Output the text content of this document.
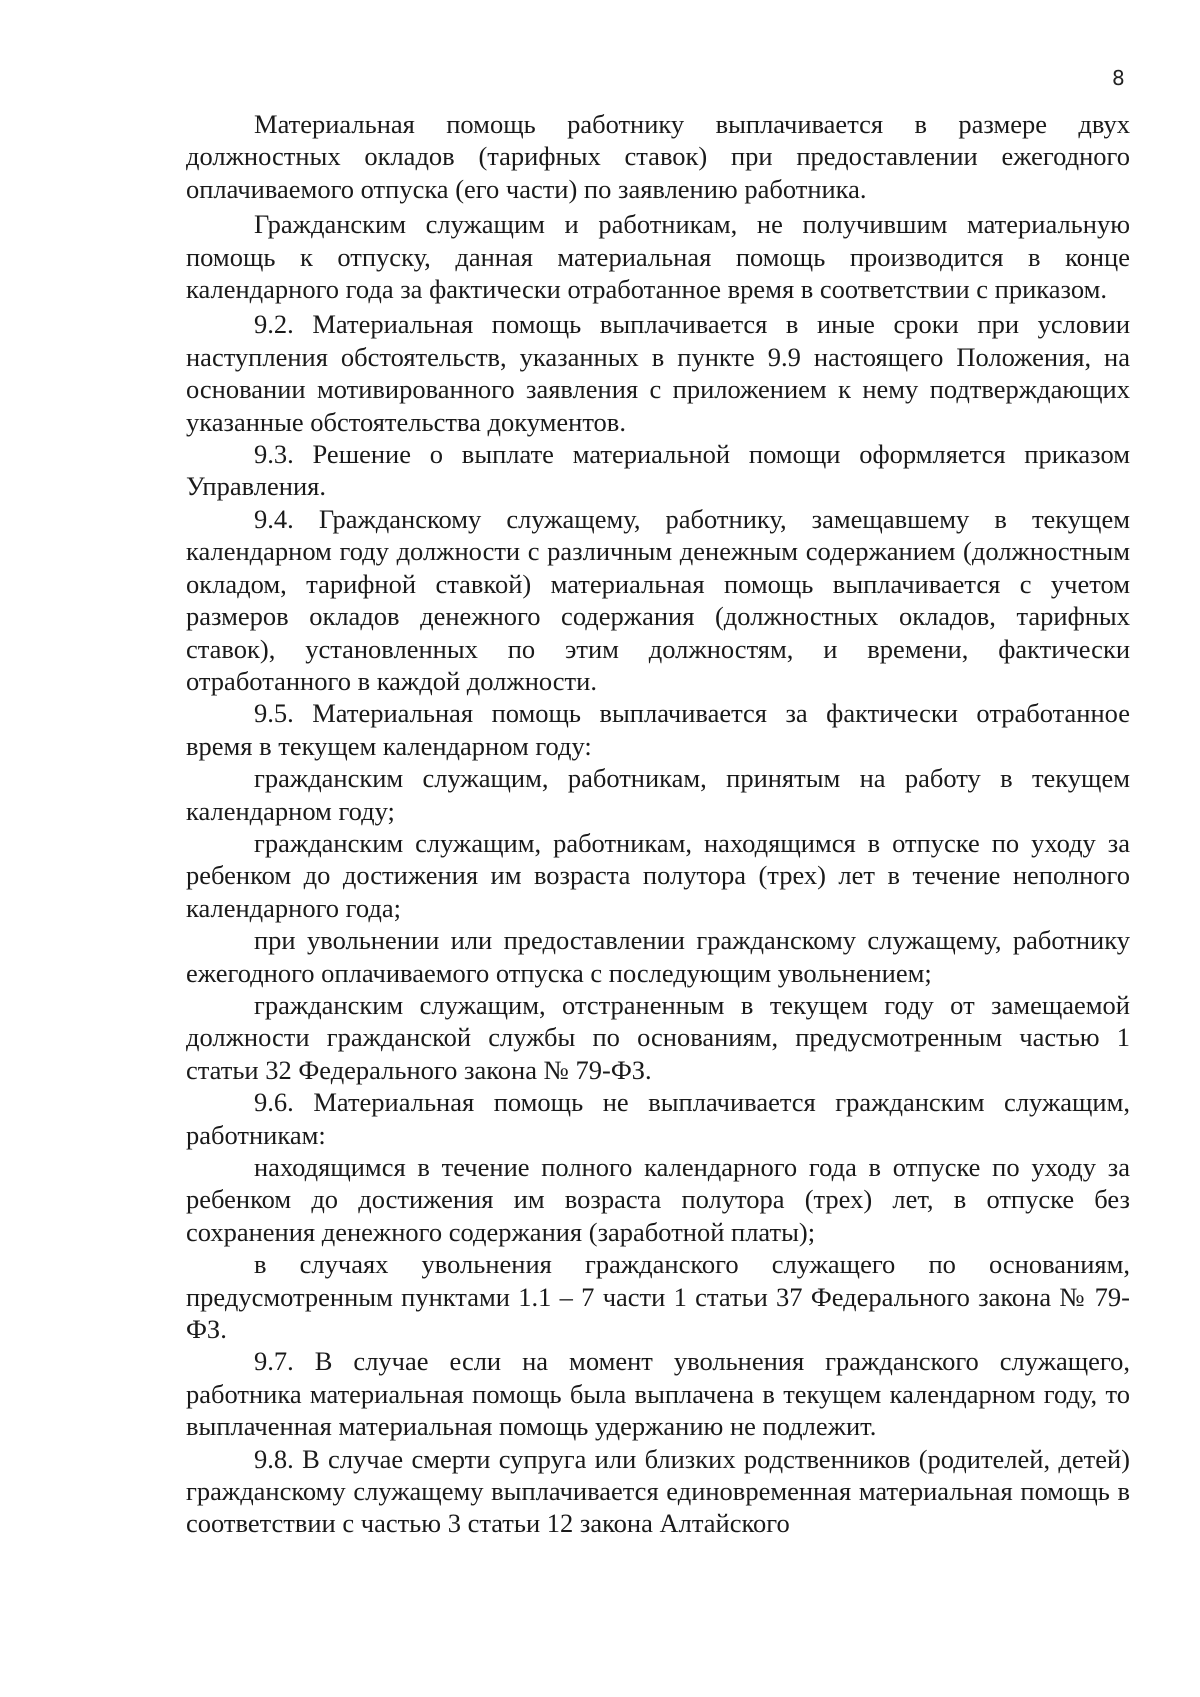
8

Материальная помощь работнику выплачивается в размере двух должностных окладов (тарифных ставок) при предоставлении ежегодного оплачиваемого отпуска (его части) по заявлению работника.

Гражданским служащим и работникам, не получившим материальную помощь к отпуску, данная материальная помощь производится в конце календарного года за фактически отработанное время в соответствии с приказом.

9.2. Материальная помощь выплачивается в иные сроки при условии наступления обстоятельств, указанных в пункте 9.9 настоящего Положения, на основании мотивированного заявления с приложением к нему подтверждающих указанные обстоятельства документов.

9.3. Решение о выплате материальной помощи оформляется приказом Управления.

9.4. Гражданскому служащему, работнику, замещавшему в текущем календарном году должности с различным денежным содержанием (должностным окладом, тарифной ставкой) материальная помощь выплачивается с учетом размеров окладов денежного содержания (должностных окладов, тарифных ставок), установленных по этим должностям, и времени, фактически отработанного в каждой должности.

9.5. Материальная помощь выплачивается за фактически отработанное время в текущем календарном году:

гражданским служащим, работникам, принятым на работу в текущем календарном году;

гражданским служащим, работникам, находящимся в отпуске по уходу за ребенком до достижения им возраста полутора (трех) лет в течение неполного календарного года;

при увольнении или предоставлении гражданскому служащему, работнику ежегодного оплачиваемого отпуска с последующим увольнением;

гражданским служащим, отстраненным в текущем году от замещаемой должности гражданской службы по основаниям, предусмотренным частью 1 статьи 32 Федерального закона № 79-ФЗ.

9.6. Материальная помощь не выплачивается гражданским служащим, работникам:

находящимся в течение полного календарного года в отпуске по уходу за ребенком до достижения им возраста полутора (трех) лет, в отпуске без сохранения денежного содержания (заработной платы);

в случаях увольнения гражданского служащего по основаниям, предусмотренным пунктами 1.1 – 7 части 1 статьи 37 Федерального закона № 79-ФЗ.

9.7. В случае если на момент увольнения гражданского служащего, работника материальная помощь была выплачена в текущем календарном году, то выплаченная материальная помощь удержанию не подлежит.

9.8. В случае смерти супруга или близких родственников (родителей, детей) гражданскому служащему выплачивается единовременная материальная помощь в соответствии с частью 3 статьи 12 закона Алтайского
